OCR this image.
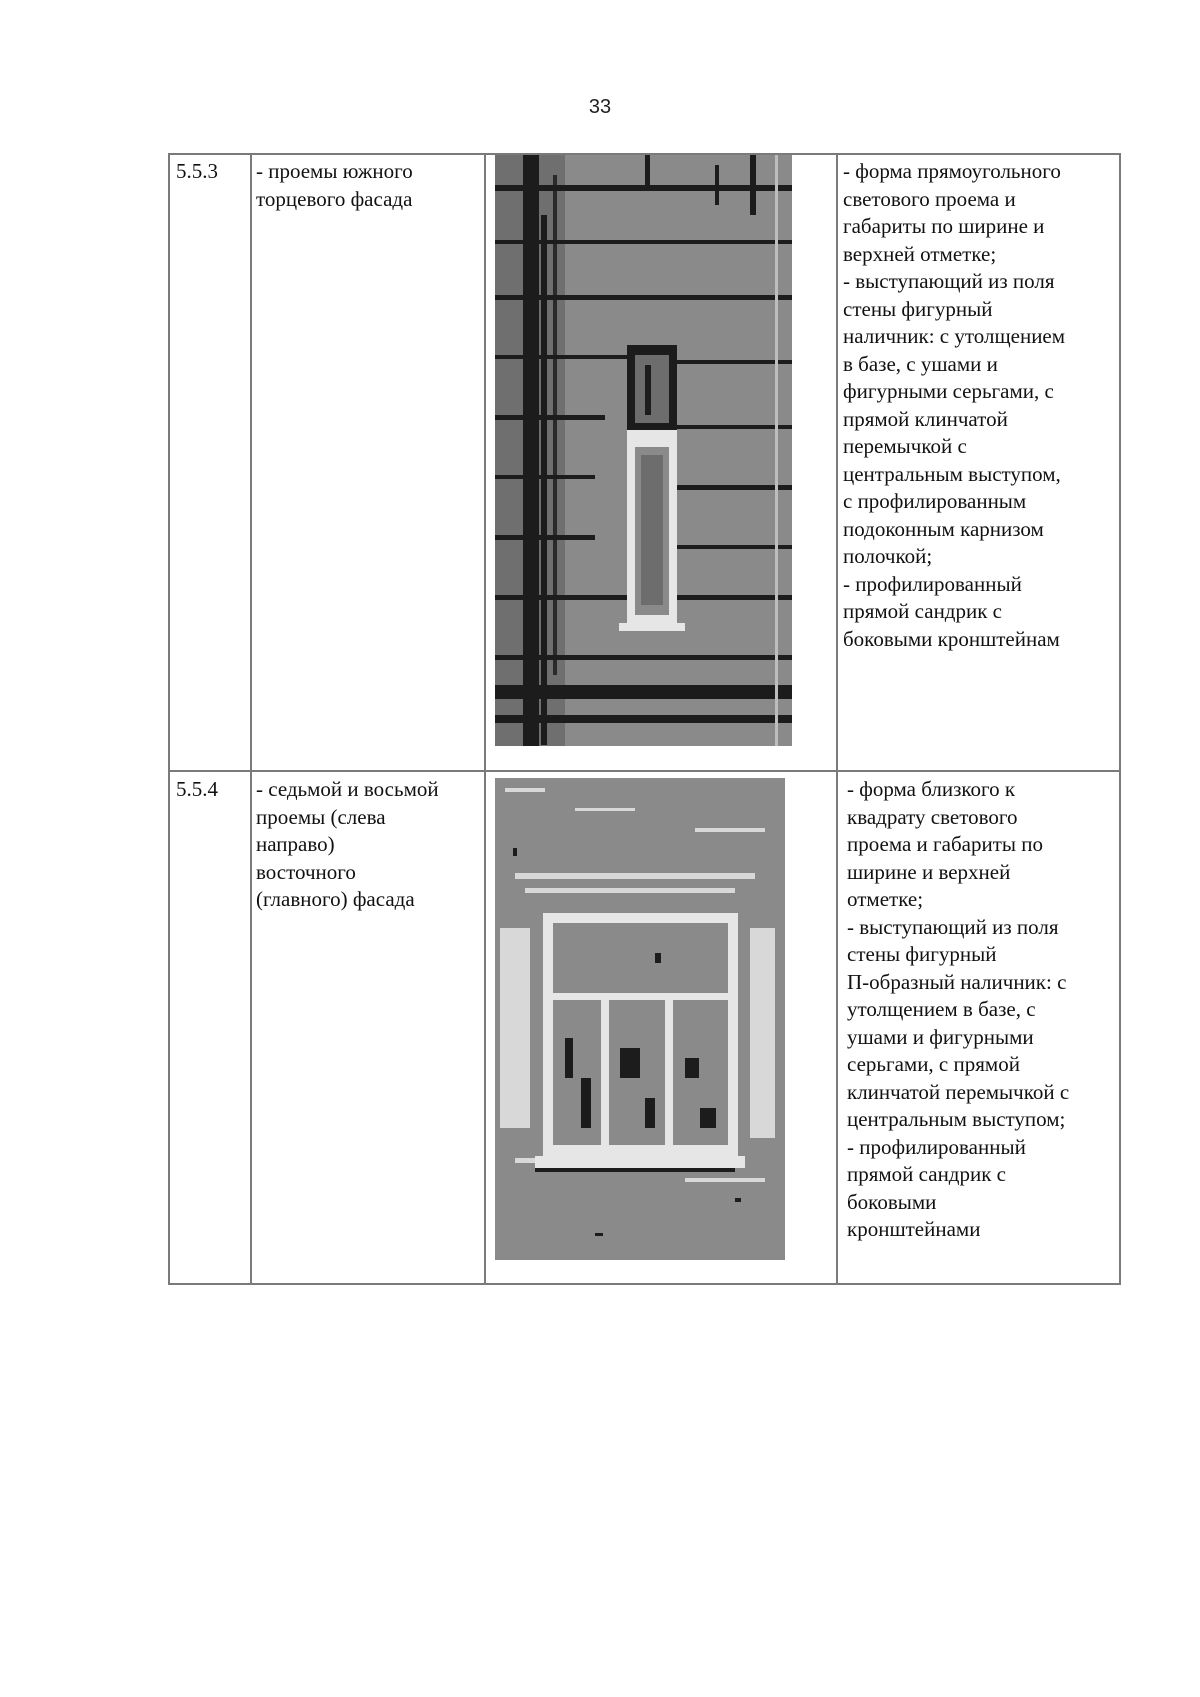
33
5.5.3	- проемы южного
торцевого фасада
- форма прямоугольного
светового проема и
габариты по ширине и
верхней отметке;
- выступающий из поля
стены фигурный
наличник: с утолщением
в базе, с ушами и
фигурными серьгами, с
прямой клинчатой
перемычкой с
центральным выступом,
с профилированным
подоконным карнизом
полочкой;
- профилированный
прямой сандрик с
боковыми кронштейнам
5.5.4	- седьмой и восьмой
проемы (слева
направо)
восточного
(главного) фасада
- форма близкого к
квадрату светового
проема и габариты по
ширине и верхней
отметке;
- выступающий из поля
стены фигурный
П-образный наличник: с
утолщением в базе, с
ушами и фигурными
серьгами, с прямой
клинчатой перемычкой с
центральным выступом;
- профилированный
прямой сандрик с
боковыми
кронштейнами
